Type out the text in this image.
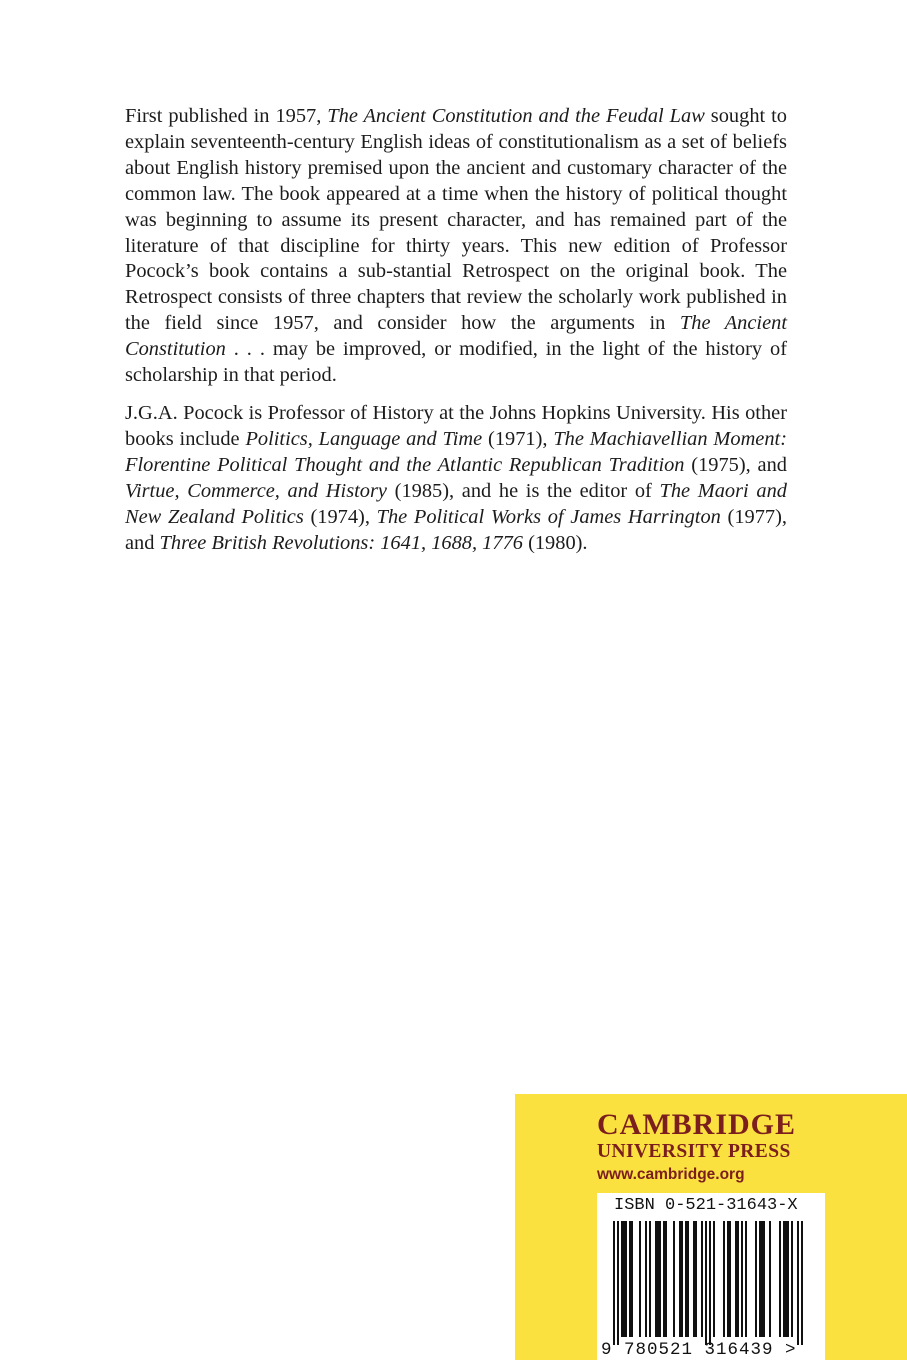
First published in 1957, The Ancient Constitution and the Feudal Law sought to explain seventeenth-century English ideas of constitutionalism as a set of beliefs about English history premised upon the ancient and customary character of the common law. The book appeared at a time when the history of political thought was beginning to assume its present character, and has remained part of the literature of that discipline for thirty years. This new edition of Professor Pocock’s book contains a sub-stantial Retrospect on the original book. The Retrospect consists of three chapters that review the scholarly work published in the field since 1957, and consider how the arguments in The Ancient Constitution . . . may be improved, or modified, in the light of the history of scholarship in that period.

J.G.A. Pocock is Professor of History at the Johns Hopkins University. His other books include Politics, Language and Time (1971), The Machiavellian Moment: Florentine Political Thought and the Atlantic Republican Tradition (1975), and Virtue, Commerce, and History (1985), and he is the editor of The Maori and New Zealand Politics (1974), The Political Works of James Harrington (1977), and Three British Revolutions: 1641, 1688, 1776 (1980).

CAMBRIDGE
UNIVERSITY PRESS
www.cambridge.org
ISBN 0-521-31643-X
9 780521 316439 >
